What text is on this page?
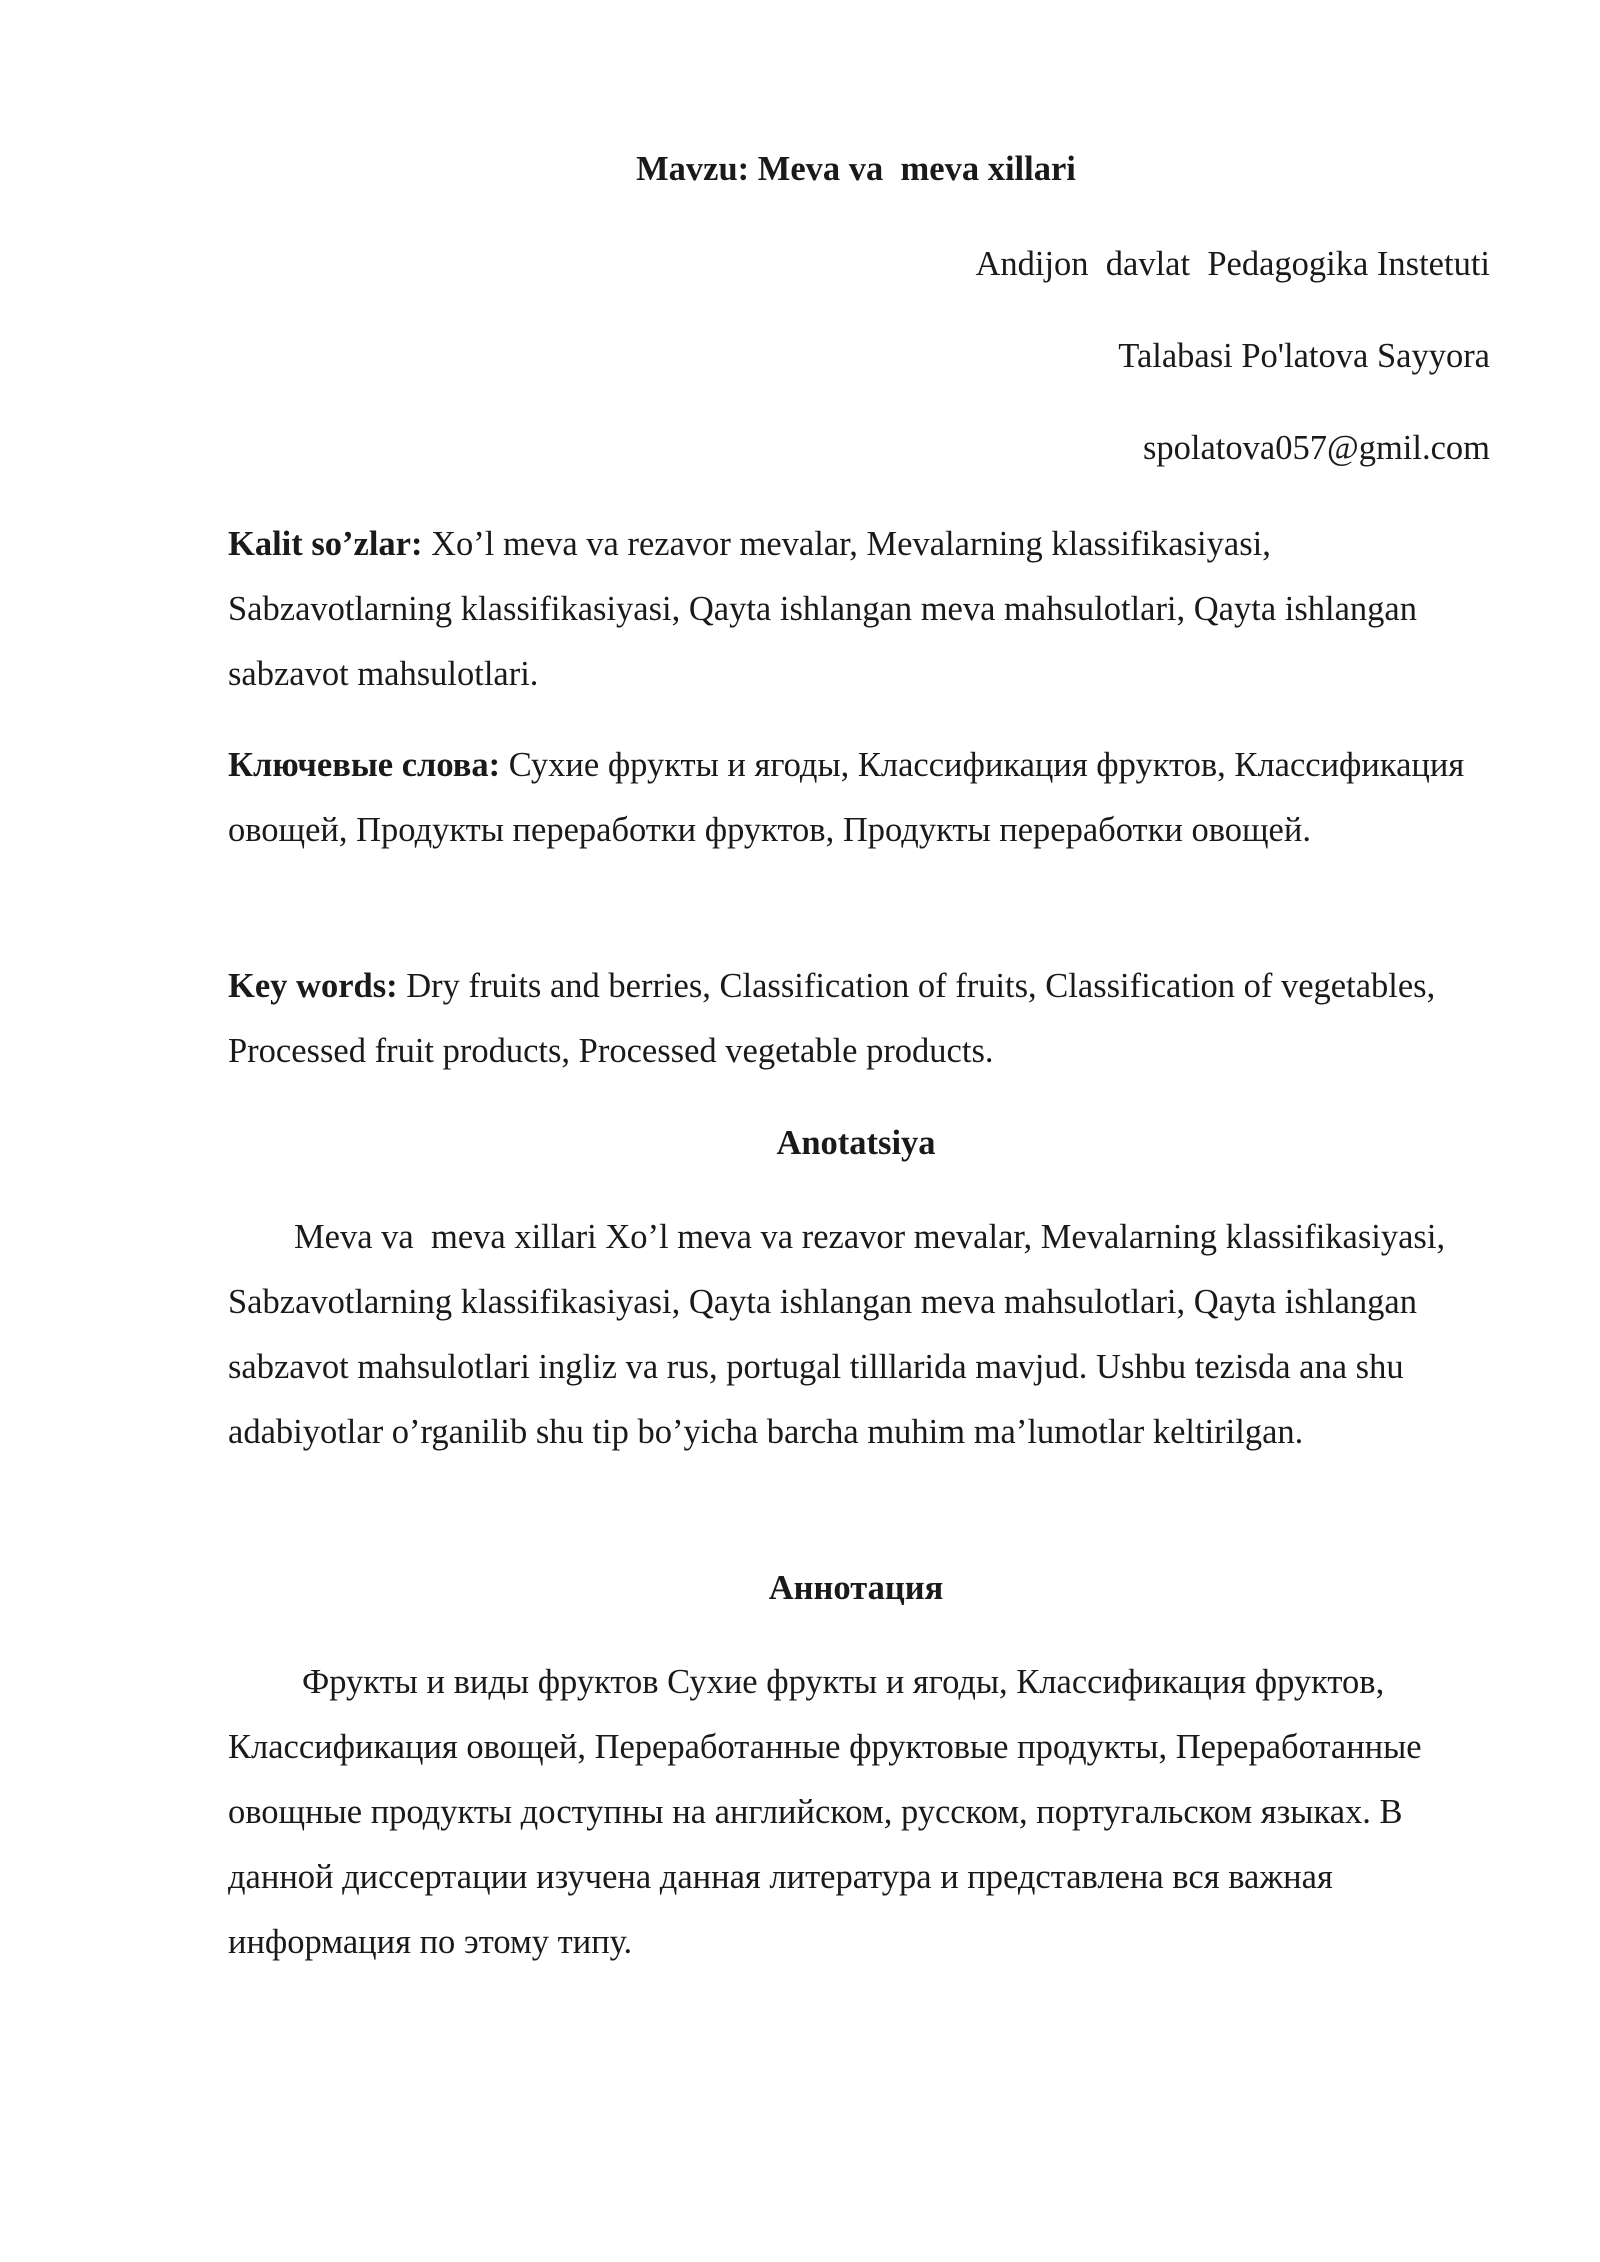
Mavzu: Meva va  meva xillari
Andijon  davlat  Pedagogika Instetuti
Talabasi Po'latova Sayyora
spolatova057@gmil.com

Kalit so’zlar: Xo’l meva va rezavor mevalar, Mevalarning klassifikasiyasi, Sabzavotlarning klassifikasiyasi, Qayta ishlangan meva mahsulotlari, Qayta ishlangan sabzavot mahsulotlari.

Ключевые слова: Сухие фрукты и ягоды, Классификация фруктов, Классификация овощей, Продукты переработки фруктов, Продукты переработки овощей.

Key words: Dry fruits and berries, Classification of fruits, Classification of vegetables, Processed fruit products, Processed vegetable products.

Anotatsiya

Meva va  meva xillari Xo’l meva va rezavor mevalar, Mevalarning klassifikasiyasi, Sabzavotlarning klassifikasiyasi, Qayta ishlangan meva mahsulotlari, Qayta ishlangan sabzavot mahsulotlari ingliz va rus, portugal tilllarida mavjud. Ushbu tezisda ana shu adabiyotlar o’rganilib shu tip bo’yicha barcha muhim ma’lumotlar keltirilgan.

Аннотация

Фрукты и виды фруктов Сухие фрукты и ягоды, Классификация фруктов, Классификация овощей, Переработанные фруктовые продукты, Переработанные овощные продукты доступны на английском, русском, португальском языках. В данной диссертации изучена данная литература и представлена вся важная информация по этому типу.
